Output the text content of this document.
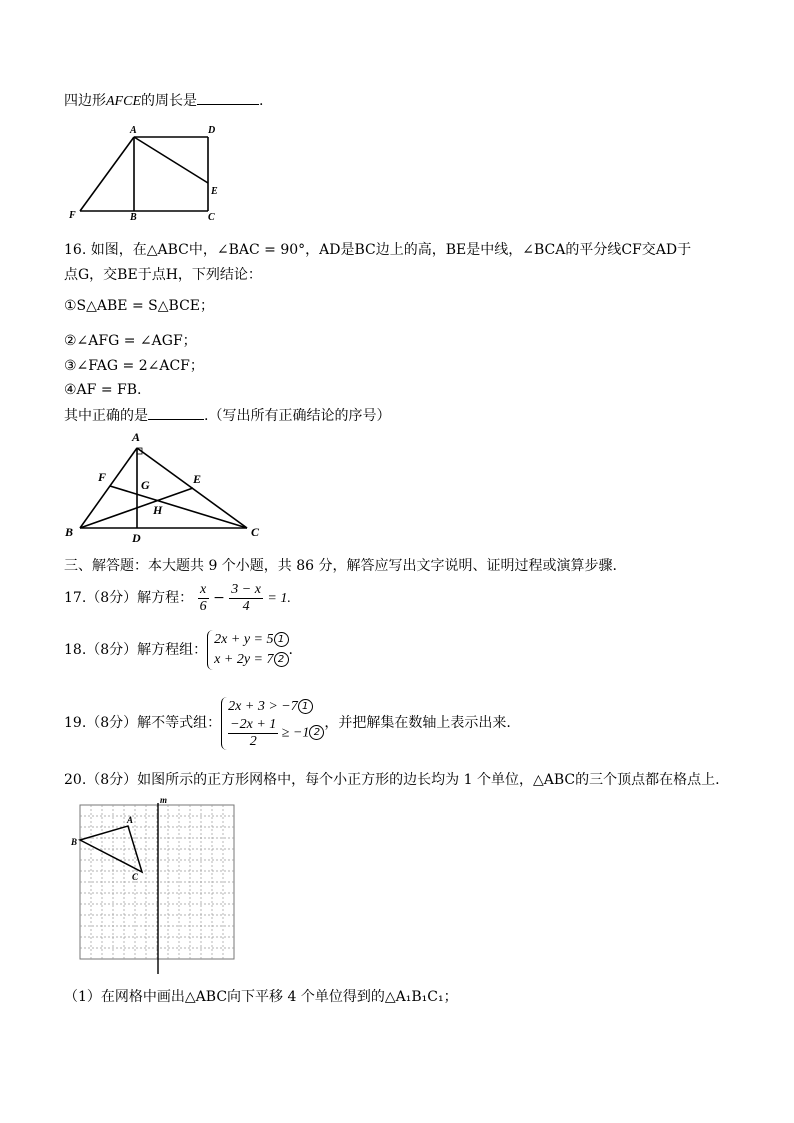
四边形AFCE的周长是	.
A	D
E
F	B	C
16. 如图，在△ABC中，∠BAC = 90°，AD是BC边上的高，BE是中线，∠BCA的平分线CF交AD于
点G，交BE于点H，下列结论：
①S△ABE = S△BCE；
②∠AFG = ∠AGF；
③∠FAG = 2∠ACF；
④AF = FB.
其中正确的是	.（写出所有正确结论的序号）
A
F
G	E
H
B	D	C
三、解答题：本大题共 9 个小题，共 86 分，解答应写出文字说明、证明过程或演算步骤.
17.（8分）解方程： $\frac{x}{6} - \frac{3 - x}{4} = 1$.
18.（8分）解方程组：
2x + y = 5 1
x + 2y = 7 2
.
19.（8分）解不等式组：
2x + 3 > −7 1
$\frac{-2x + 1}{2} \ge -1$ 2
，并把解集在数轴上表示出来.
20.（8分）如图所示的正方形网格中，每个小正方形的边长均为 1 个单位，△ABC的三个顶点都在格点上.
m
A
B
C
（1）在网格中画出△ABC向下平移 4 个单位得到的△A₁B₁C₁；
